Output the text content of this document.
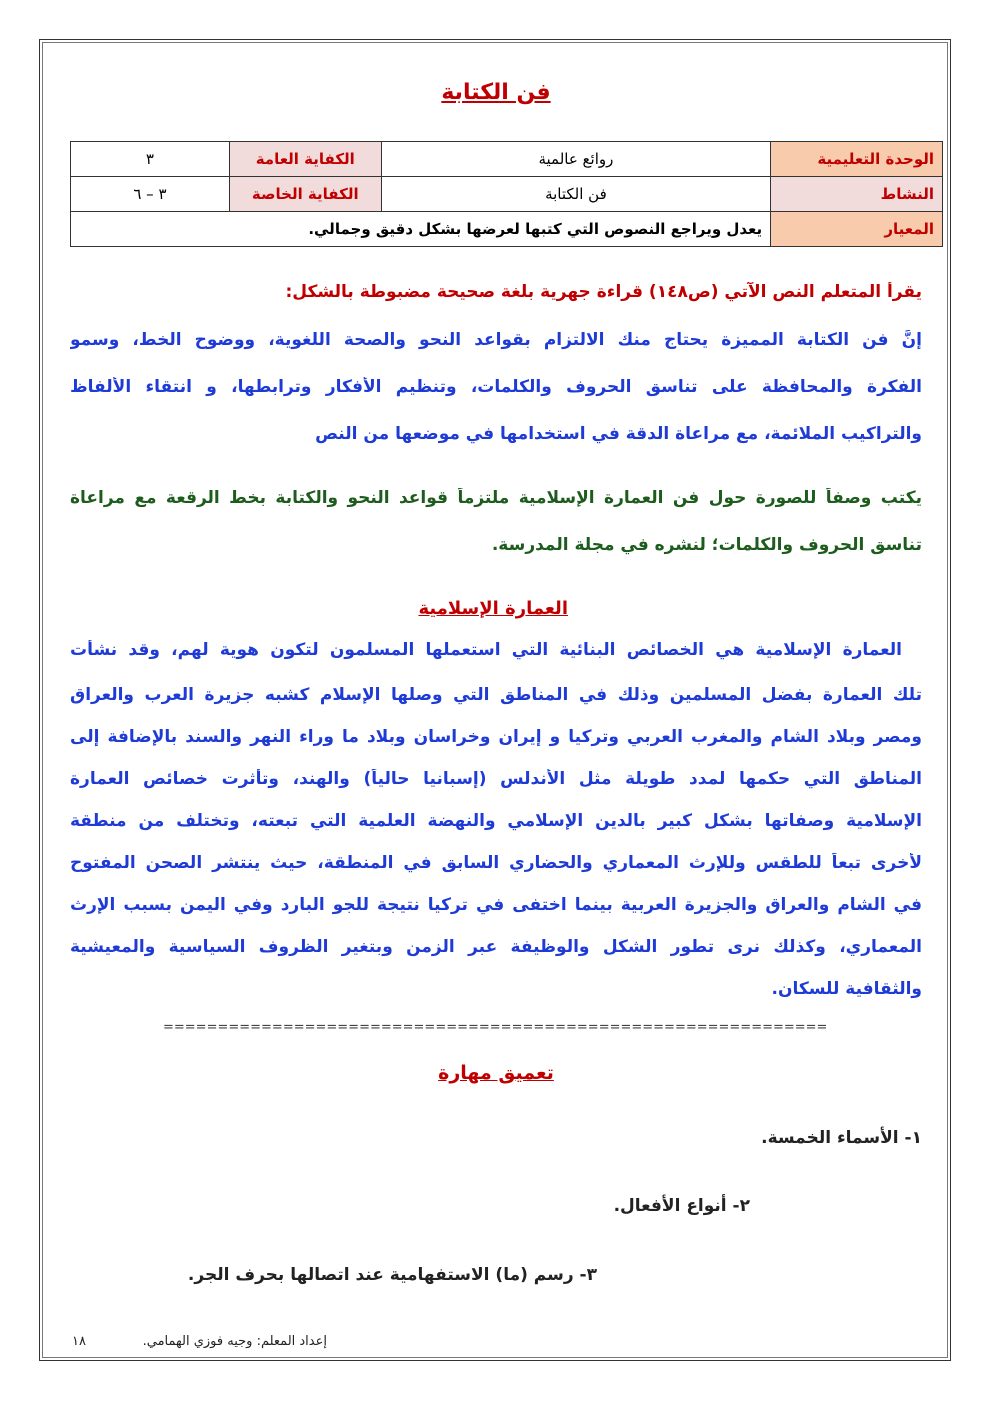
فن الكتابة
الوحدة التعليمية	روائع عالمية	الكفاية العامة	٣
النشاط	فن الكتابة	الكفاية الخاصة	٣ – ٦
المعيار	يعدل ويراجع النصوص التي كتبها لعرضها بشكل دقيق وجمالي.		
يقرأ المتعلم النص الآتي (ص١٤٨) قراءة جهرية بلغة صحيحة مضبوطة بالشكل:
إنَّ فن الكتابة المميزة يحتاج منك الالتزام بقواعد النحو والصحة اللغوية، ووضوح الخط، وسمو
الفكرة والمحافظة على تناسق الحروف والكلمات، وتنظيم الأفكار وترابطها، و انتقاء الألفاظ
والتراكيب الملائمة، مع مراعاة الدقة في استخدامها في موضعها من النص
يكتب وصفاً للصورة حول فن العمارة الإسلامية ملتزماً قواعد النحو والكتابة بخط الرقعة مع مراعاة
تناسق الحروف والكلمات؛ لنشره في مجلة المدرسة.
العمارة الإسلامية
العمارة الإسلامية هي الخصائص البنائية التي استعملها المسلمون لتكون هوية لهم، وقد نشأت
تلك العمارة بفضل المسلمين وذلك في المناطق التي وصلها الإسلام كشبه جزيرة العرب والعراق
ومصر وبلاد الشام والمغرب العربي وتركيا و إيران وخراسان وبلاد ما وراء النهر والسند بالإضافة إلى
المناطق التي حكمها لمدد طويلة مثل الأندلس (إسبانيا حالياً) والهند، وتأثرت خصائص العمارة
الإسلامية وصفاتها بشكل كبير بالدين الإسلامي والنهضة العلمية التي تبعته، وتختلف من منطقة
لأخرى تبعاً للطقس وللإرث المعماري والحضاري السابق في المنطقة، حيث ينتشر الصحن المفتوح
في الشام والعراق والجزيرة العربية بينما اختفى في تركيا نتيجة للجو البارد وفي اليمن بسبب الإرث
المعماري، وكذلك نرى تطور الشكل والوظيفة عبر الزمن وبتغير الظروف السياسية والمعيشية
والثقافية للسكان.
=============================================================
تعميق مهارة
١- الأسماء الخمسة.
٢- أنواع الأفعال.
٣- رسم (ما) الاستفهامية عند اتصالها بحرف الجر.
إعداد المعلم: وجيه فوزي الهمامي.
١٨
